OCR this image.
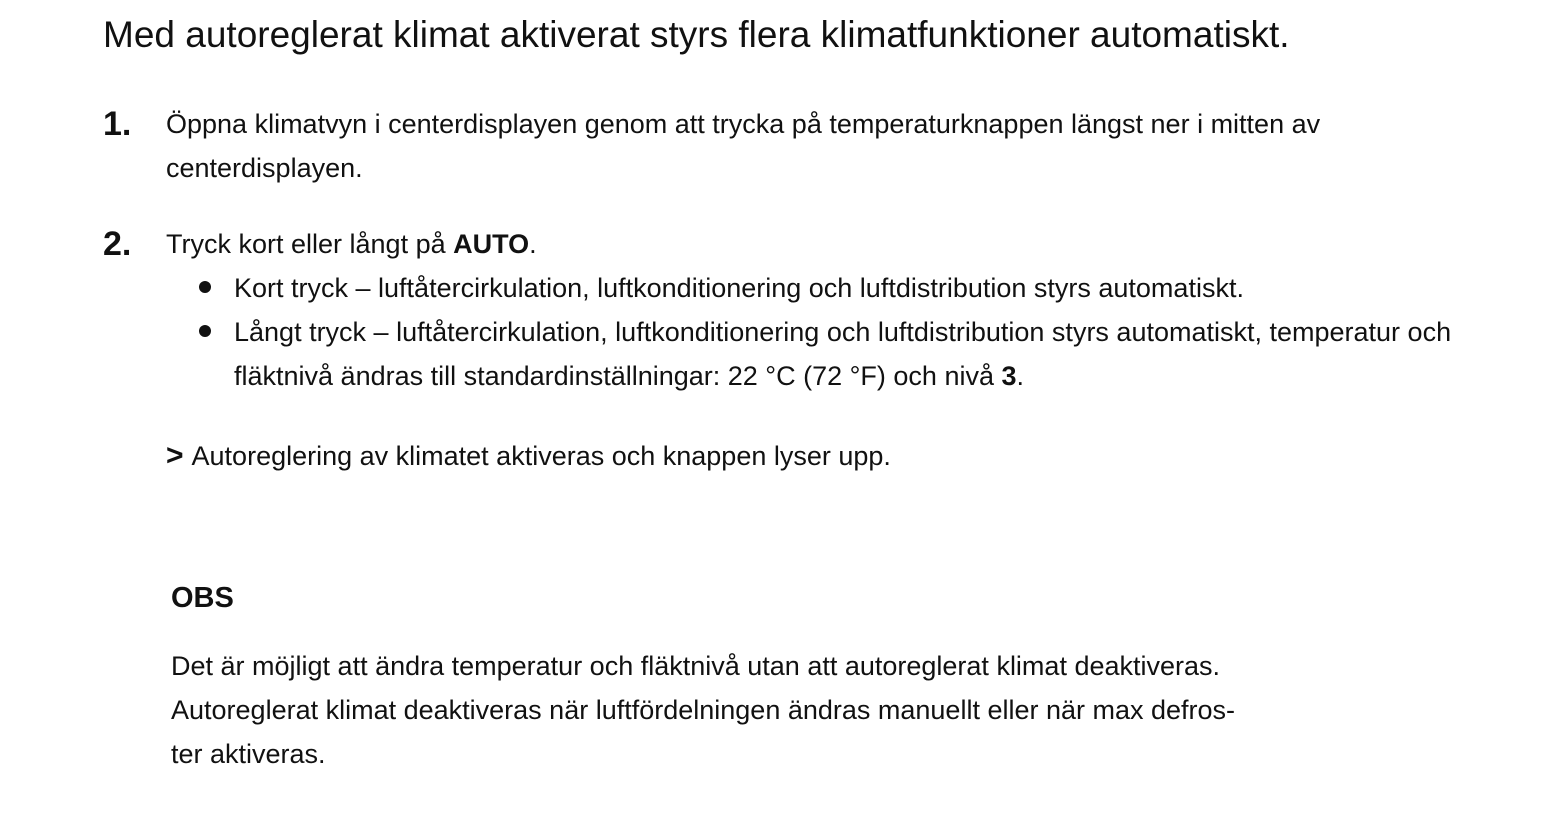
Med autoreglerat klimat aktiverat styrs flera klimatfunktioner automatiskt.
1. Öppna klimatvyn i centerdisplayen genom att trycka på temperaturknappen längst ner i mitten av centerdisplayen.
2. Tryck kort eller långt på AUTO.
Kort tryck – luftåtercirkulation, luftkonditionering och luftdistribution styrs automatiskt.
Långt tryck – luftåtercirkulation, luftkonditionering och luftdistribution styrs automatiskt, temperatur och fläktnivå ändras till standardinställningar: 22 °C (72 °F) och nivå 3.
> Autoreglering av klimatet aktiveras och knappen lyser upp.
OBS
Det är möjligt att ändra temperatur och fläktnivå utan att autoreglerat klimat deaktiveras.
Autoreglerat klimat deaktiveras när luftfördelningen ändras manuellt eller när max defros-
ter aktiveras.
